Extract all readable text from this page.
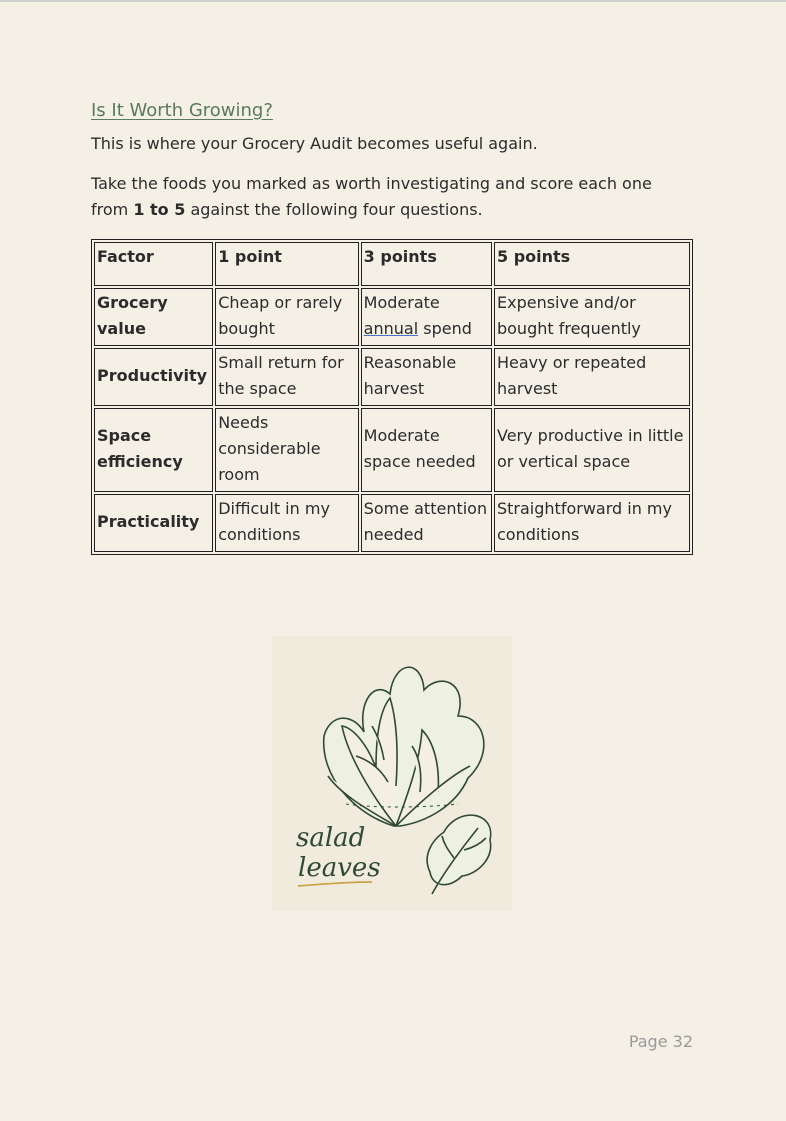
Is It Worth Growing?

This is where your Grocery Audit becomes useful again.

Take the foods you marked as worth investigating and score each one from 1 to 5 against the following four questions.

Factor	1 point	3 points	5 points
Grocery value	Cheap or rarely bought	Moderate annual spend	Expensive and/or bought frequently
Productivity	Small return for the space	Reasonable harvest	Heavy or repeated harvest
Space efficiency	Needs considerable room	Moderate space needed	Very productive in little or vertical space
Practicality	Difficult in my conditions	Some attention needed	Straightforward in my conditions
salad
leaves
Page 32
